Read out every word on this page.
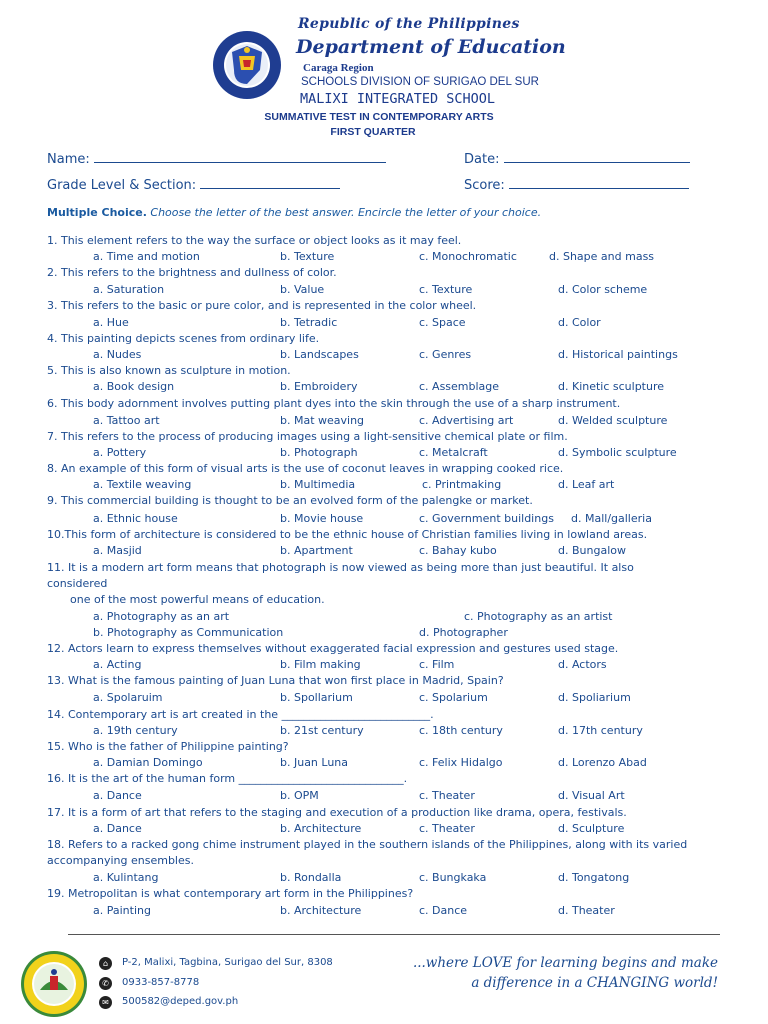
Republic of the Philippines
Department of Education
Caraga Region
SCHOOLS DIVISION OF SURIGAO DEL SUR
MALIXI INTEGRATED SCHOOL
SUMMATIVE TEST IN CONTEMPORARY ARTS
FIRST QUARTER
Name:	Date:
Grade Level & Section:	Score:
Multiple Choice. Choose the letter of the best answer. Encircle the letter of your choice.
1. This element refers to the way the surface or object looks as it may feel.
a. Time and motion	b. Texture	c. Monochromatic	d. Shape and mass
2. This refers to the brightness and dullness of color.
a. Saturation	b. Value	c. Texture	d. Color scheme
3. This refers to the basic or pure color, and is represented in the color wheel.
a. Hue	b. Tetradic	c. Space	d. Color
4. This painting depicts scenes from ordinary life.
a. Nudes	b. Landscapes	c. Genres	d. Historical paintings
5. This is also known as sculpture in motion.
a. Book design	b. Embroidery	c. Assemblage	d. Kinetic sculpture
6. This body adornment involves putting plant dyes into the skin through the use of a sharp instrument.
a. Tattoo art	b. Mat weaving	c. Advertising art	d. Welded sculpture
7. This refers to the process of producing images using a light-sensitive chemical plate or film.
a. Pottery	b. Photograph	c. Metalcraft	d. Symbolic sculpture
8. An example of this form of visual arts is the use of coconut leaves in wrapping cooked rice.
a. Textile weaving	b. Multimedia	c. Printmaking	d. Leaf art
9. This commercial building is thought to be an evolved form of the palengke or market.
a. Ethnic house	b. Movie house	c. Government buildings d. Mall/galleria
10.This form of architecture is considered to be the ethnic house of Christian families living in lowland areas.
a. Masjid	b. Apartment	c. Bahay kubo	d. Bungalow
11. It is a modern art form means that photograph is now viewed as being more than just beautiful. It also
considered
one of the most powerful means of education.
a. Photography as an art	c. Photography as an artist
b. Photography as Communication	d. Photographer
12. Actors learn to express themselves without exaggerated facial expression and gestures used stage.
a. Acting	b. Film making	c. Film	d. Actors
13. What is the famous painting of Juan Luna that won first place in Madrid, Spain?
a. Spolaruim	b. Spollarium	c. Spolarium	d. Spoliarium
14. Contemporary art is art created in the ___________________________.
a. 19th century	b. 21st century	c. 18th century	d. 17th century
15. Who is the father of Philippine painting?
a. Damian Domingo	b. Juan Luna	c. Felix Hidalgo	d. Lorenzo Abad
16. It is the art of the human form ______________________________.
a. Dance	b. OPM	c. Theater	d. Visual Art
17. It is a form of art that refers to the staging and execution of a production like drama, opera, festivals.
a. Dance	b. Architecture	c. Theater	d. Sculpture
18. Refers to a racked gong chime instrument played in the southern islands of the Philippines, along with its varied
accompanying ensembles.
a. Kulintang	b. Rondalla	c. Bungkaka	d. Tongatong
19. Metropolitan is what contemporary art form in the Philippines?
a. Painting	b. Architecture	c. Dance	d. Theater
⌂	P-2, Malixi, Tagbina, Surigao del Sur, 8308
✆	0933-857-8778
✉	500582@deped.gov.ph
...where LOVE for learning begins and make
a difference in a CHANGING world!
